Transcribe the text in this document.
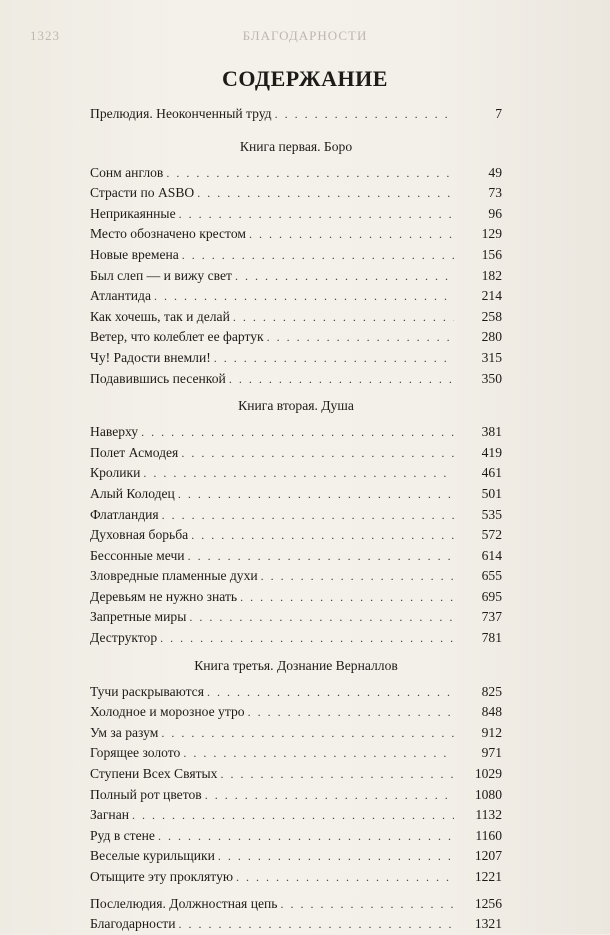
1323	БЛАГОДАРНОСТИ
СОДЕРЖАНИЕ
Прелюдия. Неоконченный труд . . .	7
Книга первая. Боро
Сонм англов . . .	49
Страсти по ASBO . . .	73
Неприкаянные . . .	96
Место обозначено крестом . . .	129
Новые времена . . .	156
Был слеп — и вижу свет . . .	182
Атлантида . . .	214
Как хочешь, так и делай . . .	258
Ветер, что колеблет ее фартук . . .	280
Чу! Радости внемли! . . .	315
Подавившись песенкой . . .	350
Книга вторая. Душа
Наверху . . .	381
Полет Асмодея . . .	419
Кролики . . .	461
Алый Колодец . . .	501
Флатландия . . .	535
Духовная борьба . . .	572
Бессонные мечи . . .	614
Зловредные пламенные духи . . .	655
Деревьям не нужно знать . . .	695
Запретные миры . . .	737
Деструктор . . .	781
Книга третья. Дознание Верналлов
Тучи раскрываются . . .	825
Холодное и морозное утро . . .	848
Ум за разум . . .	912
Горящее золото . . .	971
Ступени Всех Святых . . .	1029
Полный рот цветов . . .	1080
Загнан . . .	1132
Руд в стене . . .	1160
Веселые курильщики . . .	1207
Отыщите эту проклятую . . .	1221
Послелюдия. Должностная цепь . . .	1256
Благодарности . . .	1321
